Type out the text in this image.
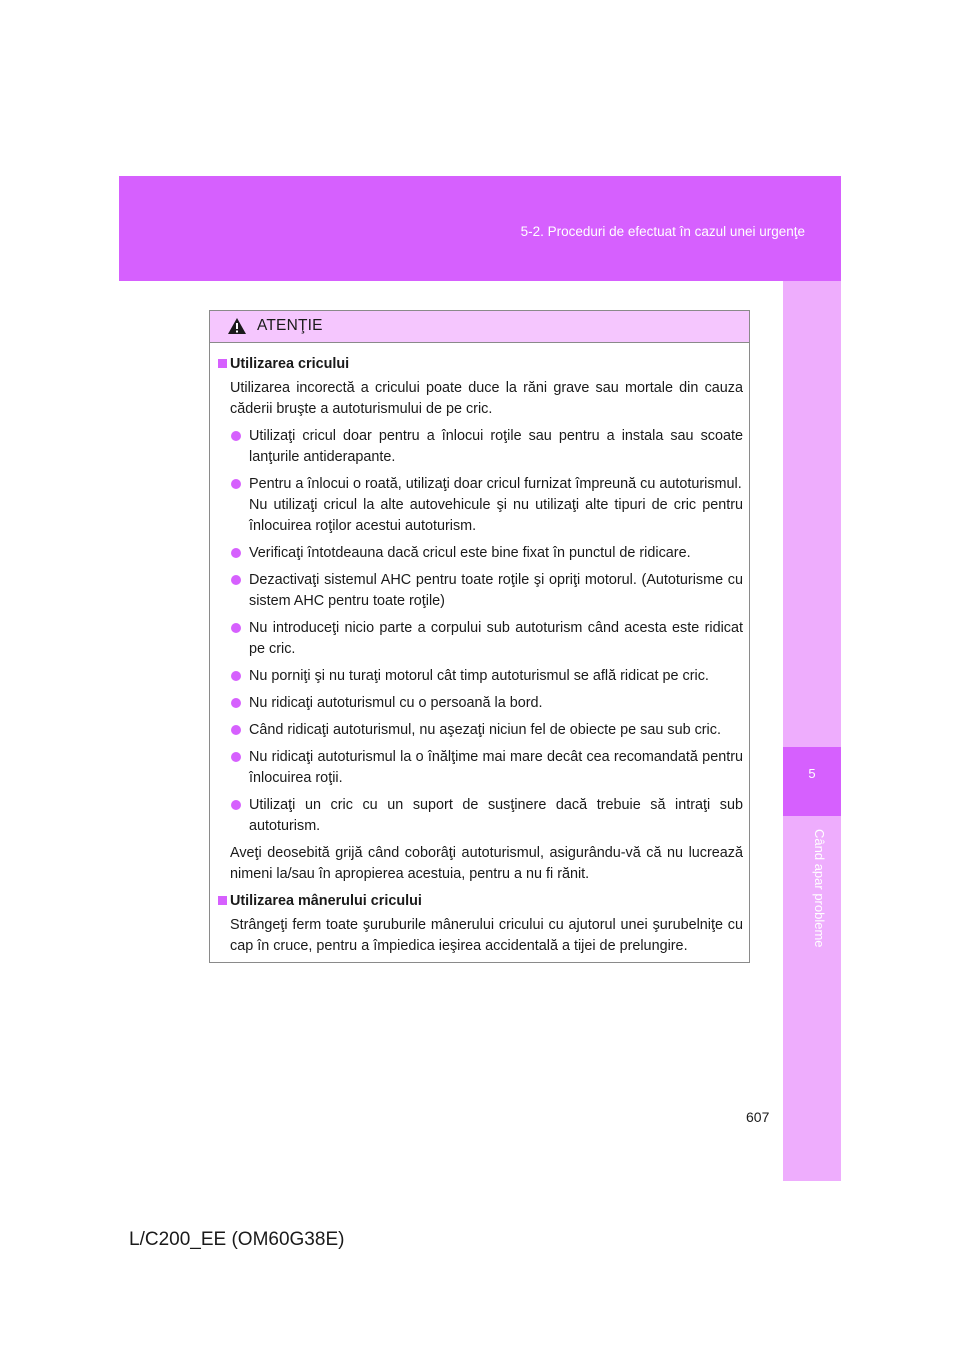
5-2. Proceduri de efectuat în cazul unei urgenţe
5
Când apar probleme
ATENŢIE
Utilizarea cricului
Utilizarea incorectă a cricului poate duce la răni grave sau mortale din cauza căderii bruşte a autoturismului de pe cric.
Utilizaţi cricul doar pentru a înlocui roţile sau pentru a instala sau scoate lanţurile antiderapante.
Pentru a înlocui o roată, utilizaţi doar cricul furnizat împreună cu autoturismul.
Nu utilizaţi cricul la alte autovehicule şi nu utilizaţi alte tipuri de cric pentru înlocuirea roţilor acestui autoturism.
Verificaţi întotdeauna dacă cricul este bine fixat în punctul de ridicare.
Dezactivaţi sistemul AHC pentru toate roţile şi opriţi motorul. (Autoturisme cu sistem AHC pentru toate roţile)
Nu introduceţi nicio parte a corpului sub autoturism când acesta este ridicat pe cric.
Nu porniţi şi nu turaţi motorul cât timp autoturismul se află ridicat pe cric.
Nu ridicaţi autoturismul cu o persoană la bord.
Când ridicaţi autoturismul, nu aşezaţi niciun fel de obiecte pe sau sub cric.
Nu ridicaţi autoturismul la o înălţime mai mare decât cea recomandată pentru înlocuirea roţii.
Utilizaţi un cric cu un suport de susţinere dacă trebuie să intraţi sub autoturism.
Aveţi deosebită grijă când coborâţi autoturismul, asigurându-vă că nu lucrează nimeni la/sau în apropierea acestuia, pentru a nu fi rănit.
Utilizarea mânerului cricului
Strângeţi ferm toate şuruburile mânerului cricului cu ajutorul unei şurubelniţe cu cap în cruce, pentru a împiedica ieşirea accidentală a tijei de prelungire.
607
L/C200_EE (OM60G38E)
